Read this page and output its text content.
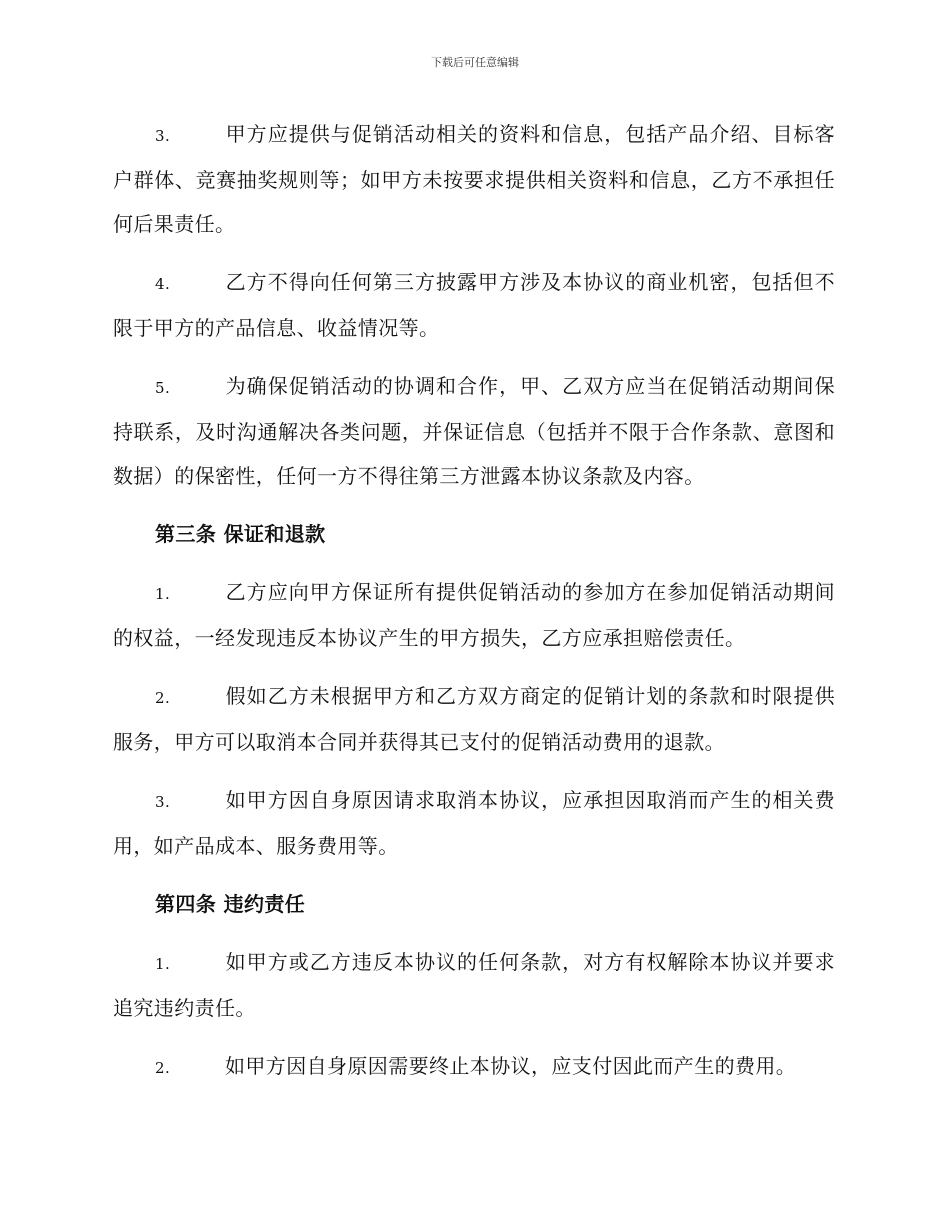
下载后可任意编辑

3.	甲方应提供与促销活动相关的资料和信息，包括产品介绍、目标客户群体、竞赛抽奖规则等；如甲方未按要求提供相关资料和信息，乙方不承担任何后果责任。

4.	乙方不得向任何第三方披露甲方涉及本协议的商业机密，包括但不限于甲方的产品信息、收益情况等。

5.	为确保促销活动的协调和合作，甲、乙双方应当在促销活动期间保持联系，及时沟通解决各类问题，并保证信息（包括并不限于合作条款、意图和数据）的保密性，任何一方不得往第三方泄露本协议条款及内容。

第三条 保证和退款

1.	乙方应向甲方保证所有提供促销活动的参加方在参加促销活动期间的权益，一经发现违反本协议产生的甲方损失，乙方应承担赔偿责任。

2.	假如乙方未根据甲方和乙方双方商定的促销计划的条款和时限提供服务，甲方可以取消本合同并获得其已支付的促销活动费用的退款。

3.	如甲方因自身原因请求取消本协议，应承担因取消而产生的相关费用，如产品成本、服务费用等。

第四条 违约责任

1.	如甲方或乙方违反本协议的任何条款，对方有权解除本协议并要求追究违约责任。

2.	如甲方因自身原因需要终止本协议，应支付因此而产生的费用。
